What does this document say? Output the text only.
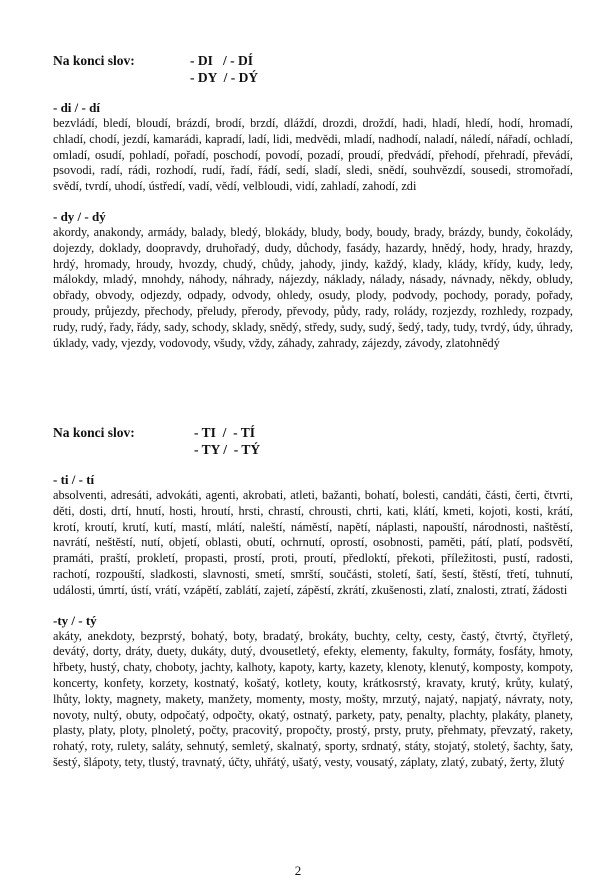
Na konci slov:	- DI   / - DÍ
- DY  / - DÝ
- di / - dí

bezvládí, bledí, bloudí, brázdí, brodí, brzdí, dláždí, drozdi, droždí, hadi, hladí, hledí, hodí, hromadí, chladí, chodí, jezdí, kamarádi, kapradí, ladí, lidi, medvědi, mladí, nadhodí, naladí, náledí, nářadí, ochladí, omladí, osudí, pohladí, pořadí, poschodí, povodí, pozadí, proudí, předvádí, přehodí, přehradí, převádí, psovodi, radí, rádi, rozhodí, rudí, řadí, řádí, sedí, sladí, sledi, snědí, souhvězdí, sousedi, stromořadí, svědí, tvrdí, uhodí, ústředí, vadí, vědí, velbloudi, vidí, zahladí, zahodí, zdi

- dy / - dý

akordy, anakondy, armády, balady, bledý, blokády, bludy, body, boudy, brady, brázdy, bundy, čokolády, dojezdy, doklady, doopravdy, druhořadý, dudy, důchody, fasády, hazardy, hnědý, hody, hrady, hrazdy, hrdý, hromady, hroudy, hvozdy, chudý, chůdy, jahody, jindy, každý, klady, klády, křídy, kudy, ledy, málokdy, mladý, mnohdy, náhody, náhrady, nájezdy, náklady, nálady, násady, návnady, někdy, obludy, obřady, obvody, odjezdy, odpady, odvody, ohledy, osudy, plody, podvody, pochody, porady, pořady, proudy, průjezdy, přechody, přeludy, přerody, převody, půdy, rady, rolády, rozjezdy, rozhledy, rozpady, rudy, rudý, řady, řády, sady, schody, sklady, snědý, středy, sudy, sudý, šedý, tady, tudy, tvrdý, údy, úhrady, úklady, vady, vjezdy, vodovody, všudy, vždy, záhady, zahrady, zájezdy, závody, zlatohnědý

Na konci slov:	- TI  /  - TÍ
- TY /  - TÝ
- ti / - tí

absolventi, adresáti, advokáti, agenti, akrobati, atleti, bažanti, bohatí, bolesti, candáti, části, čerti, čtvrti, děti, dosti, drtí, hnutí, hosti, hroutí, hrsti, chrastí, chrousti, chrti, kati, klátí, kmeti, kojoti, kosti, krátí, krotí, kroutí, krutí, kutí, mastí, mlátí, naleští, náměstí, napětí, náplasti, napouští, národnosti, naštěstí, navrátí, neštěstí, nutí, objetí, oblasti, obutí, ochrnutí, oprostí, osobnosti, paměti, pátí, platí, podsvětí, pramáti, praští, prokletí, propasti, prostí, proti, proutí, předloktí, překoti, příležitosti, pustí, radosti, rachotí, rozpouští, sladkosti, slavnosti, smetí, smrští, součásti, století, šatí, šestí, štěstí, třetí, tuhnutí, události, úmrtí, ústí, vrátí, vzápětí, zablátí, zajetí, zápěstí, zkrátí, zkušenosti, zlatí, znalosti, ztratí, žádosti

-ty / - tý

akáty, anekdoty, bezprstý, bohatý, boty, bradatý, brokáty, buchty, celty, cesty, častý, čtvrtý, čtyřletý, devátý, dorty, dráty, duety, dukáty, dutý, dvousetletý, efekty, elementy, fakulty, formáty, fosfáty, hmoty, hřbety, hustý, chaty, choboty, jachty, kalhoty, kapoty, karty, kazety, klenoty, klenutý, komposty, kompoty, koncerty, konfety, korzety, kostnatý, košatý, kotlety, kouty, krátkosrstý, kravaty, krutý, krůty, kulatý, lhůty, lokty, magnety, makety, manžety, momenty, mosty, mošty, mrzutý, najatý, napjatý, návraty, noty, novoty, nultý, obuty, odpočatý, odpočty, okatý, ostnatý, parkety, paty, penalty, plachty, plakáty, planety, plasty, platy, ploty, plnoletý, počty, pracovitý, propočty, prostý, prsty, pruty, přehmaty, převzatý, rakety, rohatý, roty, rulety, saláty, sehnutý, semletý, skalnatý, sporty, srdnatý, státy, stojatý, stoletý, šachty, šaty, šestý, šlápoty, tety, tlustý, travnatý, účty, uhřátý, ušatý, vesty, vousatý, záplaty, zlatý, zubatý, žerty, žlutý

2
